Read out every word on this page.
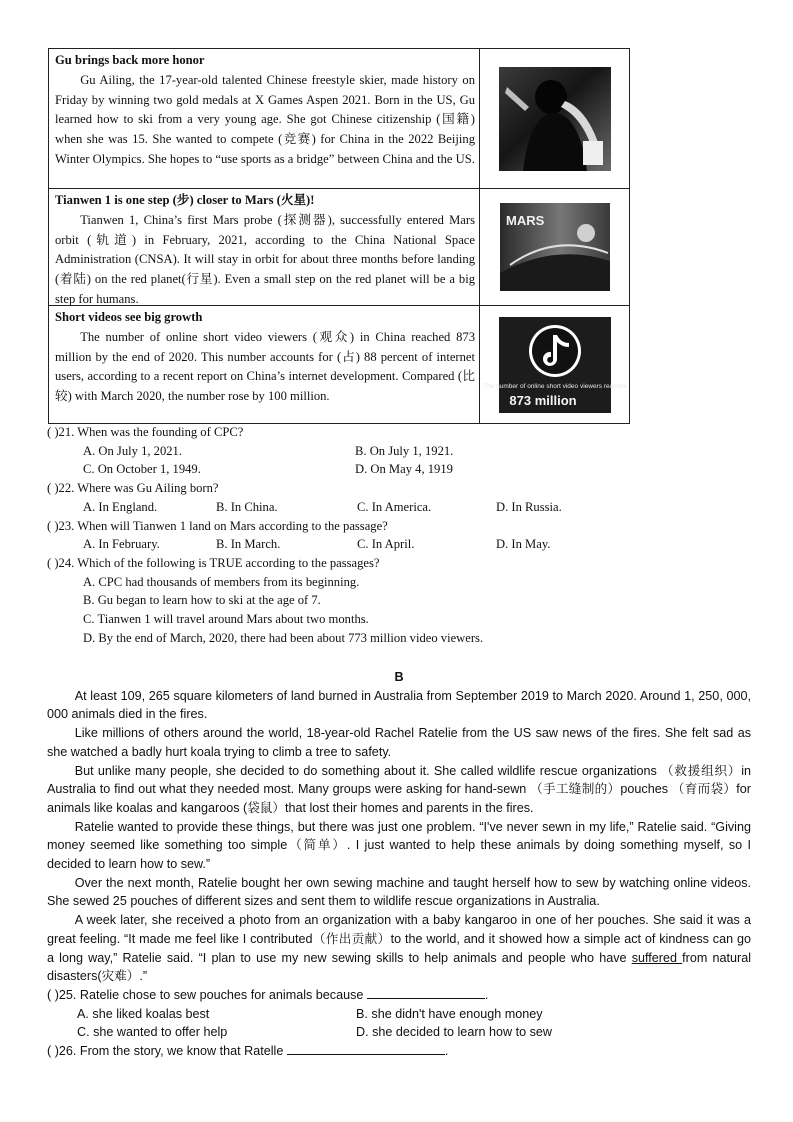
Gu brings back more honor
Gu Ailing, the 17-year-old talented Chinese freestyle skier, made history on Friday by winning two gold medals at X Games Aspen 2021. Born in the US, Gu learned how to ski from a very young age. She got Chinese citizenship (国籍) when she was 15. She wanted to compete (竞赛) for China in the 2022 Beijing Winter Olympics. She hopes to “use sports as a bridge” between China and the US.
Tianwen 1 is one step (步) closer to Mars (火星)!
Tianwen 1, China’s first Mars probe (探测器), successfully entered Mars orbit (轨道) in February, 2021, according to the China National Space Administration (CNSA). It will stay in orbit for about three months before landing (着陆) on the red planet(行星). Even a small step on the red planet will be a big step for humans.
MARS
Short videos see big growth
The number of online short video viewers (观众) in China reached 873 million by the end of 2020. This number accounts for (占) 88 percent of internet users, according to a recent report on China’s internet development. Compared (比较) with March 2020, the number rose by 100 million.
The number of online short video viewers reaches
873 million
( )21. When was the founding of CPC?
A. On July 1, 2021.	B. On July 1, 1921.
C. On October 1, 1949.	D. On May 4, 1919
( )22. Where was Gu Ailing born?
A. In England.	B. In China.	C. In America.	D. In Russia.
( )23. When will Tianwen 1 land on Mars according to the passage?
A. In February.	B. In March.	C. In April.	D. In May.
( )24. Which of the following is TRUE according to the passages?
A. CPC had thousands of members from its beginning.
B. Gu began to learn how to ski at the age of 7.
C. Tianwen 1 will travel around Mars about two months.
D. By the end of March, 2020, there had been about 773 million video viewers.
B

At least 109, 265 square kilometers of land burned in Australia from September 2019 to March 2020. Around 1, 250, 000, 000 animals died in the fires.

Like millions of others around the world, 18-year-old Rachel Ratelie from the US saw news of the fires. She felt sad as she watched a badly hurt koala trying to climb a tree to safety.

But unlike many people, she decided to do something about it. She called wildlife rescue organizations （救援组织）in Australia to find out what they needed most. Many groups were asking for hand-sewn （手工缝制的）pouches （育而袋）for animals like koalas and kangaroos (袋鼠）that lost their homes and parents in the fires.

Ratelie wanted to provide these things, but there was just one problem. “I've never sewn in my life,” Ratelie said. “Giving money seemed like something too simple（简单）. I just wanted to help these animals by doing something myself, so I decided to learn how to sew.”

Over the next month, Ratelie bought her own sewing machine and taught herself how to sew by watching online videos. She sewed 25 pouches of different sizes and sent them to wildlife rescue organizations in Australia.

A week later, she received a photo from an organization with a baby kangaroo in one of her pouches. She said it was a great feeling. “It made me feel like I contributed（作出贡献）to the world, and it showed how a simple act of kindness can go a long way,” Ratelie said. “I plan to use my new sewing skills to help animals and people who have suffered from natural disasters(灾难）.”

( )25. Ratelie chose to sew pouches for animals because	.
A. she liked koalas best	B. she didn't have enough money
C. she wanted to offer help	D. she decided to learn how to sew
( )26. From the story, we know that Ratelle	.
